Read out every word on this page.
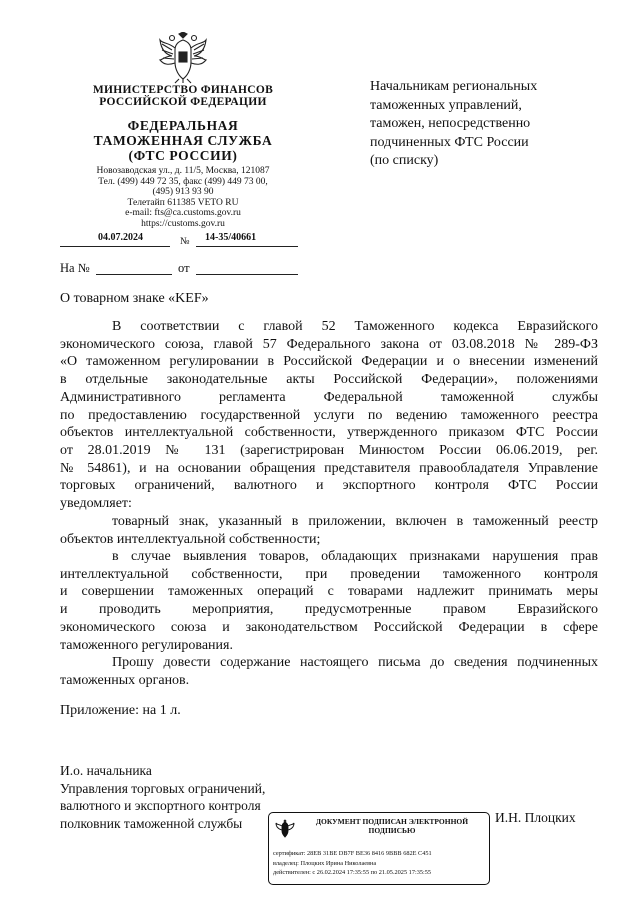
МИНИСТЕРСТВО ФИНАНСОВ
РОССИЙСКОЙ ФЕДЕРАЦИИ
ФЕДЕРАЛЬНАЯ
ТАМОЖЕННАЯ СЛУЖБА
(ФТС РОССИИ)
Новозаводская ул., д. 11/5, Москва, 121087
Тел. (499) 449 72 35, факс (499) 449 73 00,
(495) 913 93 90
Телетайп 611385 VETO RU
e-mail: fts@ca.customs.gov.ru
https://customs.gov.ru
04.07.2024	№ 14-35/40661
На №	от
Начальникам региональных
таможенных управлений,
таможен, непосредственно
подчиненных ФТС России
(по списку)
О товарном знаке «KEF»
В соответствии с главой 52 Таможенного кодекса Евразийского
экономического союза, главой 57 Федерального закона от 03.08.2018 № 289-ФЗ
«О таможенном регулировании в Российской Федерации и о внесении изменений
в отдельные законодательные акты Российской Федерации», положениями
Административного регламента Федеральной таможенной службы
по предоставлению государственной услуги по ведению таможенного реестра
объектов интеллектуальной собственности, утвержденного приказом ФТС России
от 28.01.2019 № 131 (зарегистрирован Минюстом России 06.06.2019, рег.
№ 54861), и на основании обращения представителя правообладателя Управление
торговых ограничений, валютного и экспортного контроля ФТС России
уведомляет:
товарный знак, указанный в приложении, включен в таможенный реестр
объектов интеллектуальной собственности;
в случае выявления товаров, обладающих признаками нарушения прав
интеллектуальной собственности, при проведении таможенного контроля
и совершении таможенных операций с товарами надлежит принимать меры
и проводить мероприятия, предусмотренные правом Евразийского
экономического союза и законодательством Российской Федерации в сфере
таможенного регулирования.
Прошу довести содержание настоящего письма до сведения подчиненных
таможенных органов.
Приложение: на 1 л.
И.о. начальника
Управления торговых ограничений,
валютного и экспортного контроля
полковник таможенной службы	И.Н. Плоцких
ДОКУМЕНТ ПОДПИСАН ЭЛЕКТРОННОЙ
ПОДПИСЬЮ
сертификат: 28EB 31BE DB7F BE36 8416 9BBB 682E C451
владелец: Плоцких Ирина Николаевна
действителен: с 26.02.2024 17:35:55 по 21.05.2025 17:35:55
